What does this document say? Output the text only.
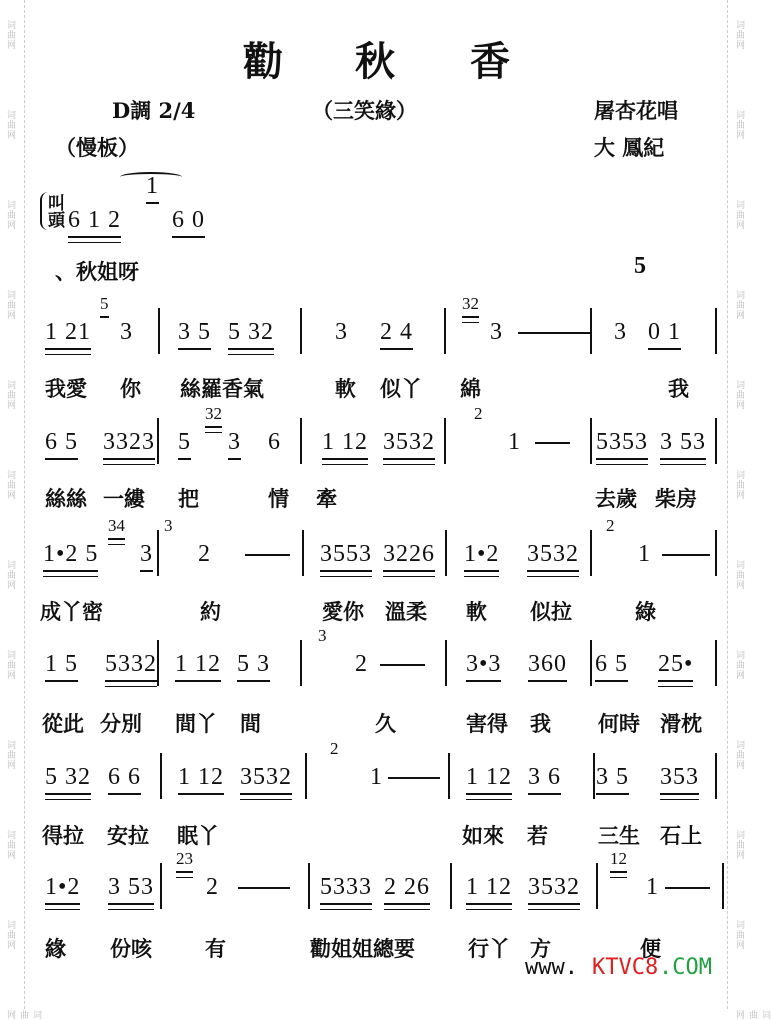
词曲网	词曲网
词曲网	词曲网
词曲网	词曲网
词曲网	词曲网
词曲网	词曲网
词曲网	词曲网
词曲网	词曲网
词曲网	词曲网
词曲网	词曲网
词曲网	词曲网
词曲网	词曲网
词曲网	词曲网
勸 秋 香
D調 2/4	（三笑緣）	屠杏花唱
（慢板）	大 鳳紀
叫頭 6 1 2
1
6 0
、秋姐呀	5
1 21
5
3 3 5 5 32	3 2 4
32
3	3 0 1
我愛 你 絲羅香氣	軟 似丫 綿	我
6 5 3323 5
32
3 6 1 12 3532
2
1	5353 3 53
絲絲 一縷 把	情 牽	去歲 柴房
1•2 5
34
3
3
2	3553 3226 1•2 3532
2
1
成丫密	約	愛你 溫柔 軟 似拉	綠
1 5 5332 1 12 5 3
3
2	3•3 360 6 5 25•
從此 分別 間丫 間	久	害得 我 何時 滑枕
5 32 6 6 1 12 3532
2
1	1 12 3 6 3 5 353
得拉 安拉 眠丫	如來 若 三生 石上
1•2 3 53
23
2	5333 2 26 1 12 3532
12
1
緣 份咳	有	勸姐姐總要	行丫 方	便
www. KTVC8 .COM
